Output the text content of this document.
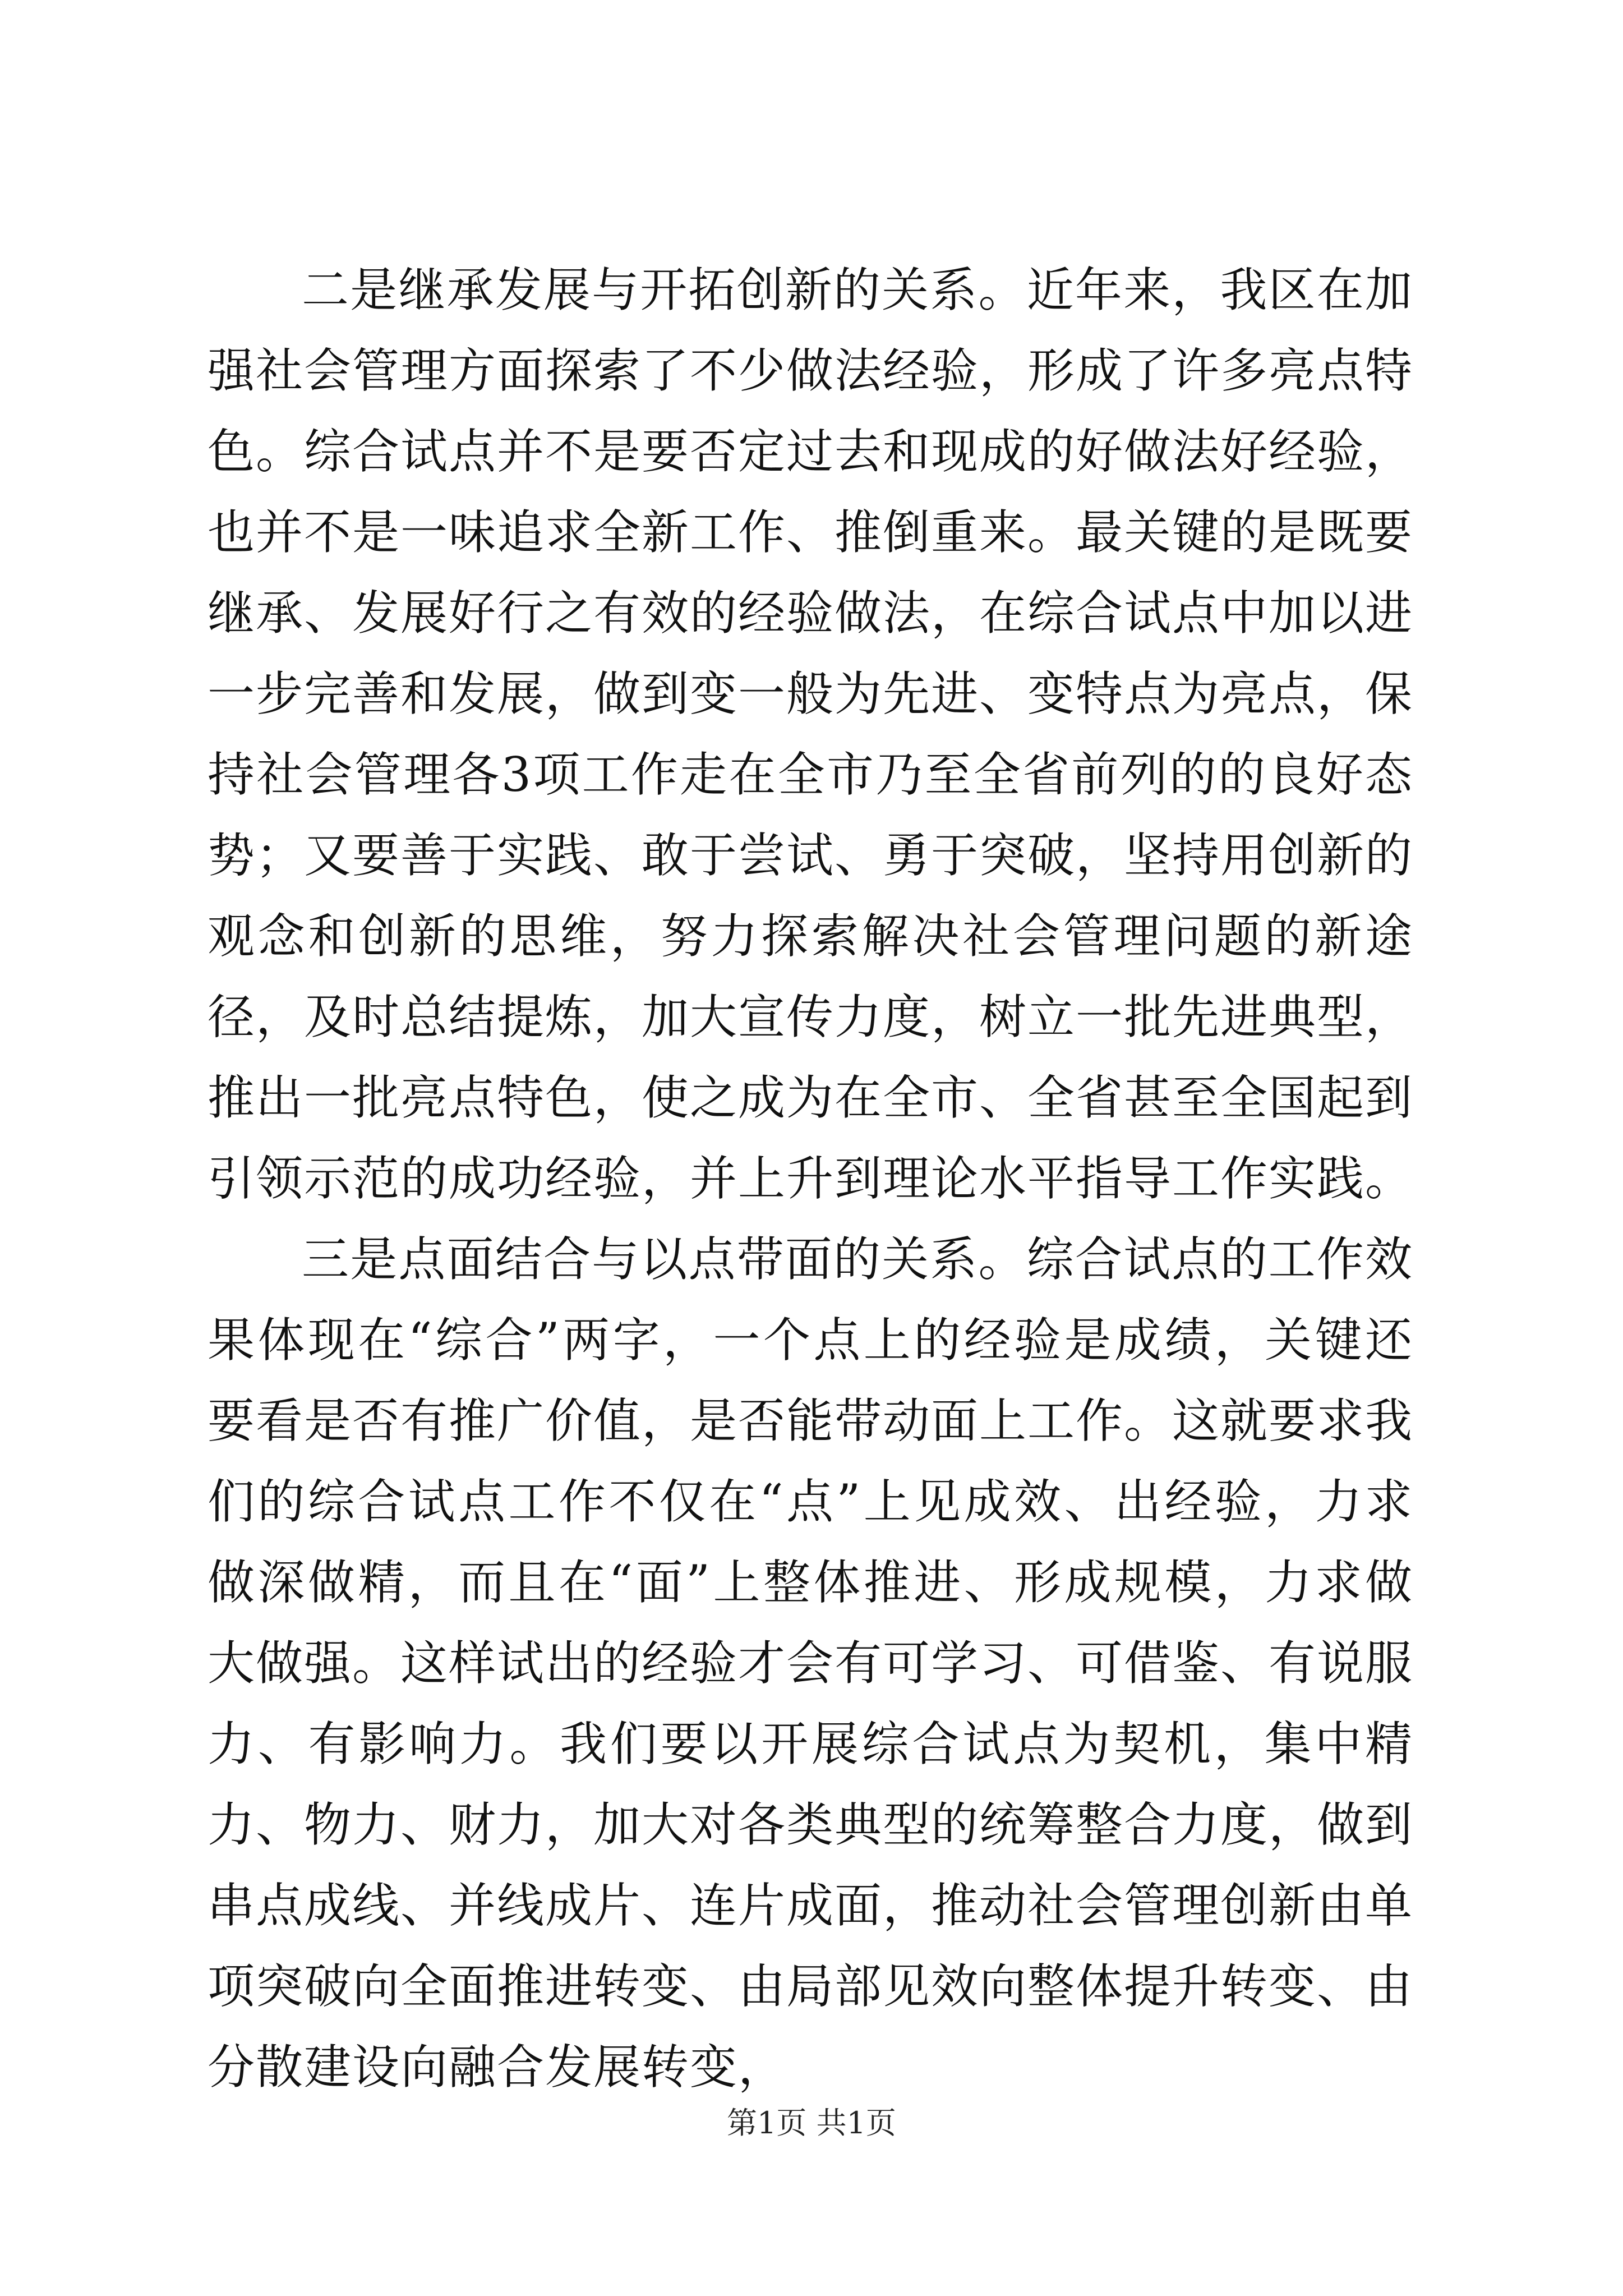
二是继承发展与开拓创新的关系。近年来，我区在加强社会管理方面探索了不少做法经验，形成了许多亮点特色。综合试点并不是要否定过去和现成的好做法好经验，也并不是一味追求全新工作、推倒重来。最关键的是既要继承、发展好行之有效的经验做法，在综合试点中加以进一步完善和发展，做到变一般为先进、变特点为亮点，保持社会管理各3项工作走在全市乃至全省前列的的良好态势；又要善于实践、敢于尝试、勇于突破，坚持用创新的观念和创新的思维，努力探索解决社会管理问题的新途径，及时总结提炼，加大宣传力度，树立一批先进典型，推出一批亮点特色，使之成为在全市、全省甚至全国起到引领示范的成功经验，并上升到理论水平指导工作实践。

三是点面结合与以点带面的关系。综合试点的工作效果体现在“综合”两字，一个点上的经验是成绩，关键还要看是否有推广价值，是否能带动面上工作。这就要求我们的综合试点工作不仅在“点”上见成效、出经验，力求做深做精，而且在“面”上整体推进、形成规模，力求做大做强。这样试出的经验才会有可学习、可借鉴、有说服力、有影响力。我们要以开展综合试点为契机，集中精力、物力、财力，加大对各类典型的统筹整合力度，做到串点成线、并线成片、连片成面，推动社会管理创新由单项突破向全面推进转变、由局部见效向整体提升转变、由分散建设向融合发展转变，

第1页 共1页
